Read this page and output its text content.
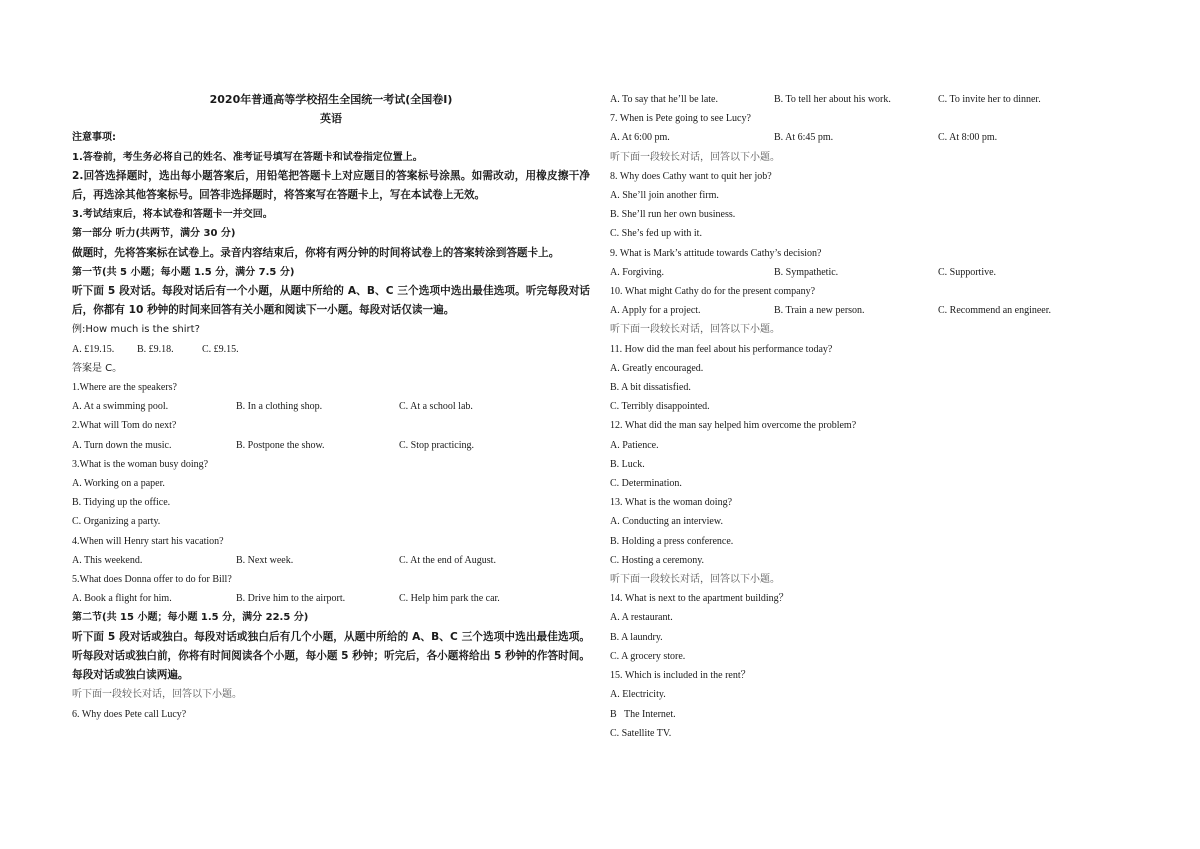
2020年普通高等学校招生全国统一考试(全国卷Ⅰ)
英语
注意事项:
1.答卷前，考生务必将自己的姓名、准考证号填写在答题卡和试卷指定位置上。
2.回答选择题时，选出每小题答案后，用铅笔把答题卡上对应题目的答案标号涂黑。如需改动，用橡皮擦干净后，再选涂其他答案标号。回答非选择题时，将答案写在答题卡上，写在本试卷上无效。
3.考试结束后，将本试卷和答题卡一并交回。
第一部分 听力(共两节，满分 30 分)
做题时，先将答案标在试卷上。录音内容结束后，你将有两分钟的时间将试卷上的答案转涂到答题卡上。
第一节(共 5 小题；每小题 1.5 分，满分 7.5 分)
听下面 5 段对话。每段对话后有一个小题，从题中所给的 A、B、C 三个选项中选出最佳选项。听完每段对话后，你都有 10 秒钟的时间来回答有关小题和阅读下一小题。每段对话仅读一遍。
例:How much is the shirt?
A. £19.15.	B. £9.18.	C. £9.15.
答案是 C。
1.Where are the speakers?
A. At a swimming pool.	B. In a clothing shop.	C. At a school lab.
2.What will Tom do next?
A. Turn down the music.	B. Postpone the show.	C. Stop practicing.
3.What is the woman busy doing?
A. Working on a paper.
B. Tidying up the office.
C. Organizing a party.
4.When will Henry start his vacation?
A. This weekend.	B. Next week.	C. At the end of August.
5.What does Donna offer to do for Bill?
A. Book a flight for him.	B. Drive him to the airport.	C. Help him park the car.
第二节(共 15 小题；每小题 1.5 分，满分 22.5 分)
听下面 5 段对话或独白。每段对话或独白后有几个小题，从题中所给的 A、B、C 三个选项中选出最佳选项。听每段对话或独白前，你将有时间阅读各个小题，每小题 5 秒钟；听完后，各小题将给出 5 秒钟的作答时间。每段对话或独白读两遍。
听下面一段较长对话，回答以下小题。
6. Why does Pete call Lucy?
A. To say that he’ll be late.	B. To tell her about his work.	C. To invite her to dinner.
7. When is Pete going to see Lucy?
A. At 6:00 pm.	B. At 6:45 pm.	C. At 8:00 pm.
听下面一段较长对话，回答以下小题。
8. Why does Cathy want to quit her job?
A. She’ll join another firm.
B. She’ll run her own business.
C. She’s fed up with it.
9. What is Mark’s attitude towards Cathy’s decision?
A. Forgiving.	B. Sympathetic.	C. Supportive.
10. What might Cathy do for the present company?
A. Apply for a project.	B. Train a new person.	C. Recommend an engineer.
听下面一段较长对话，回答以下小题。
11. How did the man feel about his performance today?
A. Greatly encouraged.
B. A bit dissatisfied.
C. Terribly disappointed.
12. What did the man say helped him overcome the problem?
A. Patience.
B. Luck.
C. Determination.
13. What is the woman doing?
A. Conducting an interview.
B. Holding a press conference.
C. Hosting a ceremony.
听下面一段较长对话，回答以下小题。
14. What is next to the apartment building？
A. A restaurant.
B. A laundry.
C. A grocery store.
15. Which is included in the rent？
A. Electricity.
B   The Internet.
C. Satellite TV.
